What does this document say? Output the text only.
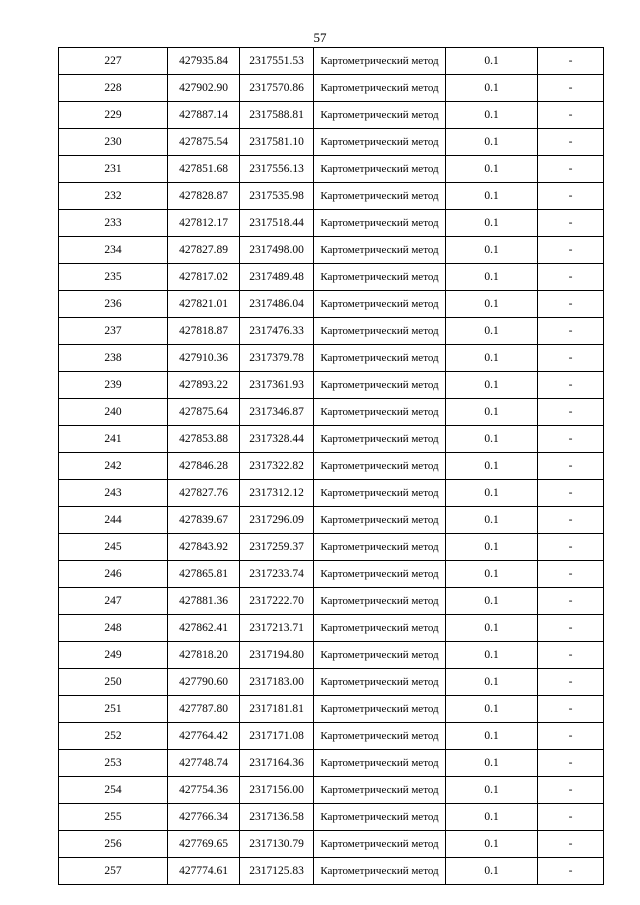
57
227	427935.84	2317551.53	Картометрический метод	0.1	-
228	427902.90	2317570.86	Картометрический метод	0.1	-
229	427887.14	2317588.81	Картометрический метод	0.1	-
230	427875.54	2317581.10	Картометрический метод	0.1	-
231	427851.68	2317556.13	Картометрический метод	0.1	-
232	427828.87	2317535.98	Картометрический метод	0.1	-
233	427812.17	2317518.44	Картометрический метод	0.1	-
234	427827.89	2317498.00	Картометрический метод	0.1	-
235	427817.02	2317489.48	Картометрический метод	0.1	-
236	427821.01	2317486.04	Картометрический метод	0.1	-
237	427818.87	2317476.33	Картометрический метод	0.1	-
238	427910.36	2317379.78	Картометрический метод	0.1	-
239	427893.22	2317361.93	Картометрический метод	0.1	-
240	427875.64	2317346.87	Картометрический метод	0.1	-
241	427853.88	2317328.44	Картометрический метод	0.1	-
242	427846.28	2317322.82	Картометрический метод	0.1	-
243	427827.76	2317312.12	Картометрический метод	0.1	-
244	427839.67	2317296.09	Картометрический метод	0.1	-
245	427843.92	2317259.37	Картометрический метод	0.1	-
246	427865.81	2317233.74	Картометрический метод	0.1	-
247	427881.36	2317222.70	Картометрический метод	0.1	-
248	427862.41	2317213.71	Картометрический метод	0.1	-
249	427818.20	2317194.80	Картометрический метод	0.1	-
250	427790.60	2317183.00	Картометрический метод	0.1	-
251	427787.80	2317181.81	Картометрический метод	0.1	-
252	427764.42	2317171.08	Картометрический метод	0.1	-
253	427748.74	2317164.36	Картометрический метод	0.1	-
254	427754.36	2317156.00	Картометрический метод	0.1	-
255	427766.34	2317136.58	Картометрический метод	0.1	-
256	427769.65	2317130.79	Картометрический метод	0.1	-
257	427774.61	2317125.83	Картометрический метод	0.1	-
